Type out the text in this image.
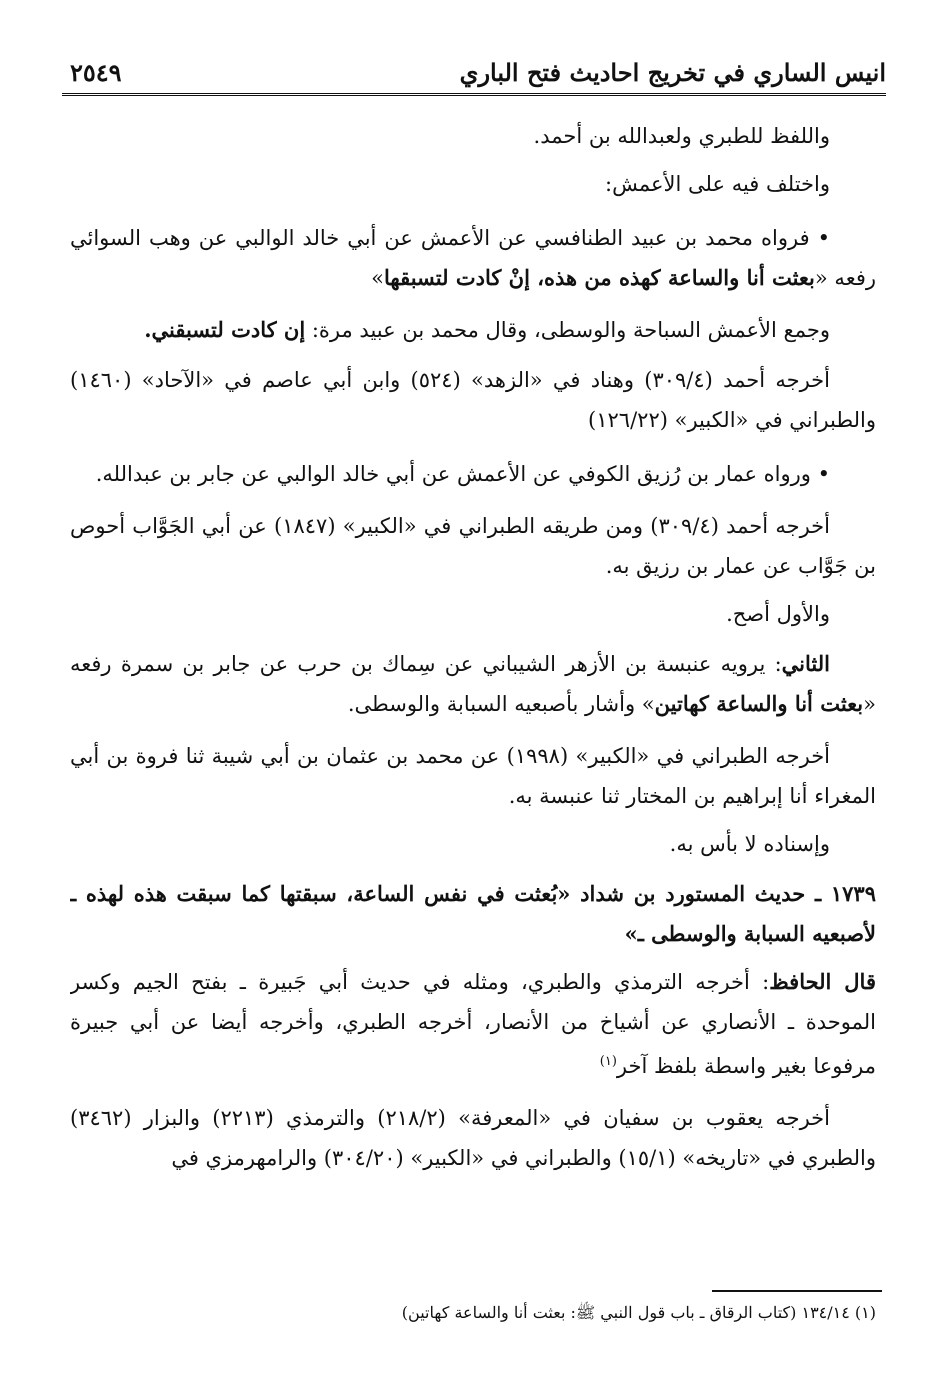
انيس الساري في تخريج احاديث فتح الباري
٢٥٤٩

واللفظ للطبري ولعبدالله بن أحمد.

واختلف فيه على الأعمش:

• فرواه محمد بن عبيد الطنافسي عن الأعمش عن أبي خالد الوالبي عن وهب السوائي رفعه «بعثت أنا والساعة كهذه من هذه، إنْ كادت لتسبقها»

وجمع الأعمش السباحة والوسطى، وقال محمد بن عبيد مرة: إن كادت لتسبقني.

أخرجه أحمد (٣٠٩/٤) وهناد في «الزهد» (٥٢٤) وابن أبي عاصم في «الآحاد» (١٤٦٠) والطبراني في «الكبير» (١٢٦/٢٢)

• ورواه عمار بن رُزيق الكوفي عن الأعمش عن أبي خالد الوالبي عن جابر بن عبدالله.

أخرجه أحمد (٣٠٩/٤) ومن طريقه الطبراني في «الكبير» (١٨٤٧) عن أبي الجَوَّاب أحوص بن جَوَّاب عن عمار بن رزيق به.

والأول أصح.

الثاني: يرويه عنبسة بن الأزهر الشيباني عن سِماك بن حرب عن جابر بن سمرة رفعه «بعثت أنا والساعة كهاتين» وأشار بأصبعيه السبابة والوسطى.

أخرجه الطبراني في «الكبير» (١٩٩٨) عن محمد بن عثمان بن أبي شيبة ثنا فروة بن أبي المغراء أنا إبراهيم بن المختار ثنا عنبسة به.

وإسناده لا بأس به.

١٧٣٩ ـ حديث المستورد بن شداد «بُعثت في نفس الساعة، سبقتها كما سبقت هذه لهذه ـ لأصبعيه السبابة والوسطى ـ»

قال الحافظ: أخرجه الترمذي والطبري، ومثله في حديث أبي جَبيرة ـ بفتح الجيم وكسر الموحدة ـ الأنصاري عن أشياخ من الأنصار، أخرجه الطبري، وأخرجه أيضا عن أبي جبيرة مرفوعا بغير واسطة بلفظ آخر$^{(١)}$

أخرجه يعقوب بن سفيان في «المعرفة» (٢١٨/٢) والترمذي (٢٢١٣) والبزار (٣٤٦٢) والطبري في «تاريخه» (١٥/١) والطبراني في «الكبير» (٣٠٤/٢٠) والرامهرمزي في

(١) ١٣٤/١٤ (كتاب الرقاق ـ باب قول النبي ﷺ: بعثت أنا والساعة كهاتين)
